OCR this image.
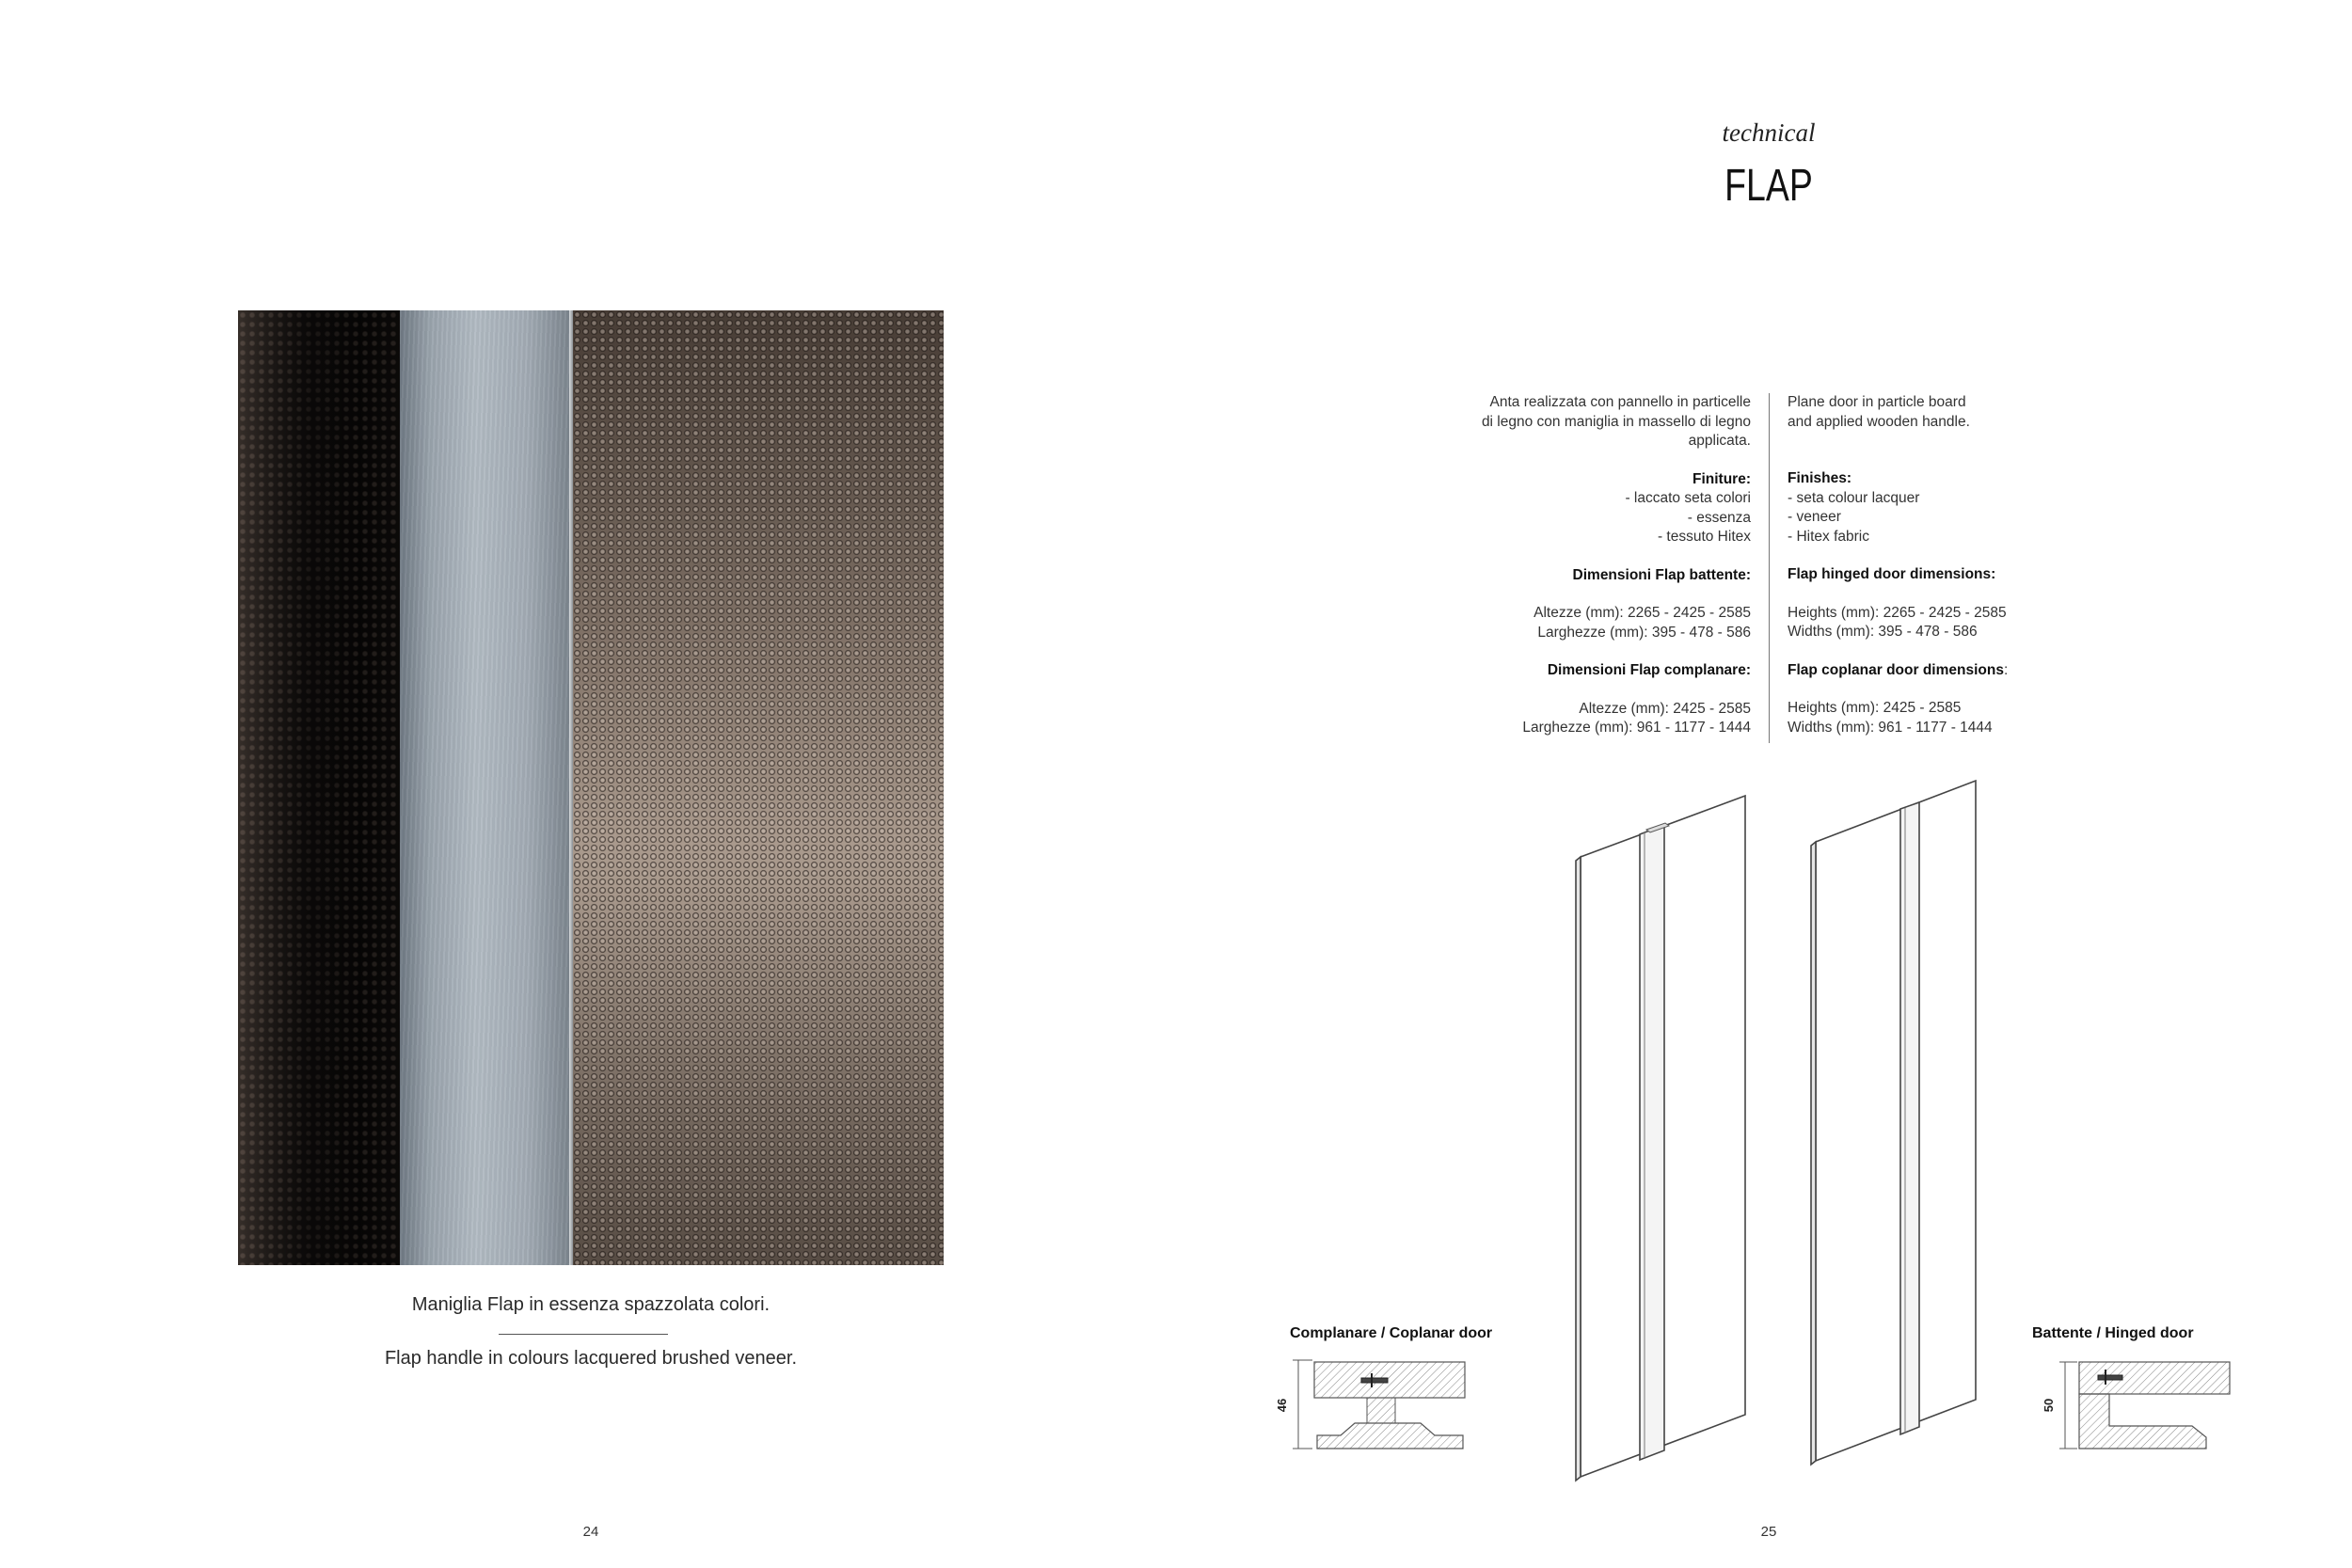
Maniglia Flap in essenza spazzolata colori.
Flap handle in colours lacquered brushed veneer.
24
technical
FLAP
Anta realizzata con pannello in particelle
di legno con maniglia in massello di legno
applicata.
Finiture:
- laccato seta colori
- essenza
- tessuto Hitex
Dimensioni Flap battente:
Altezze (mm): 2265 - 2425 - 2585
Larghezze (mm): 395 - 478 - 586
Dimensioni Flap complanare:
Altezze (mm): 2425 - 2585
Larghezze (mm): 961 - 1177 - 1444
Plane door in particle board
and applied wooden handle.
Finishes:
- seta colour lacquer
- veneer
- Hitex fabric
Flap hinged door dimensions:
Heights (mm): 2265 - 2425 - 2585
Widths (mm): 395 - 478 - 586
Flap coplanar door dimensions:
Heights (mm): 2425 - 2585
Widths (mm): 961 - 1177 - 1444
Complanare / Coplanar door	Battente / Hinged door
46	50
25
